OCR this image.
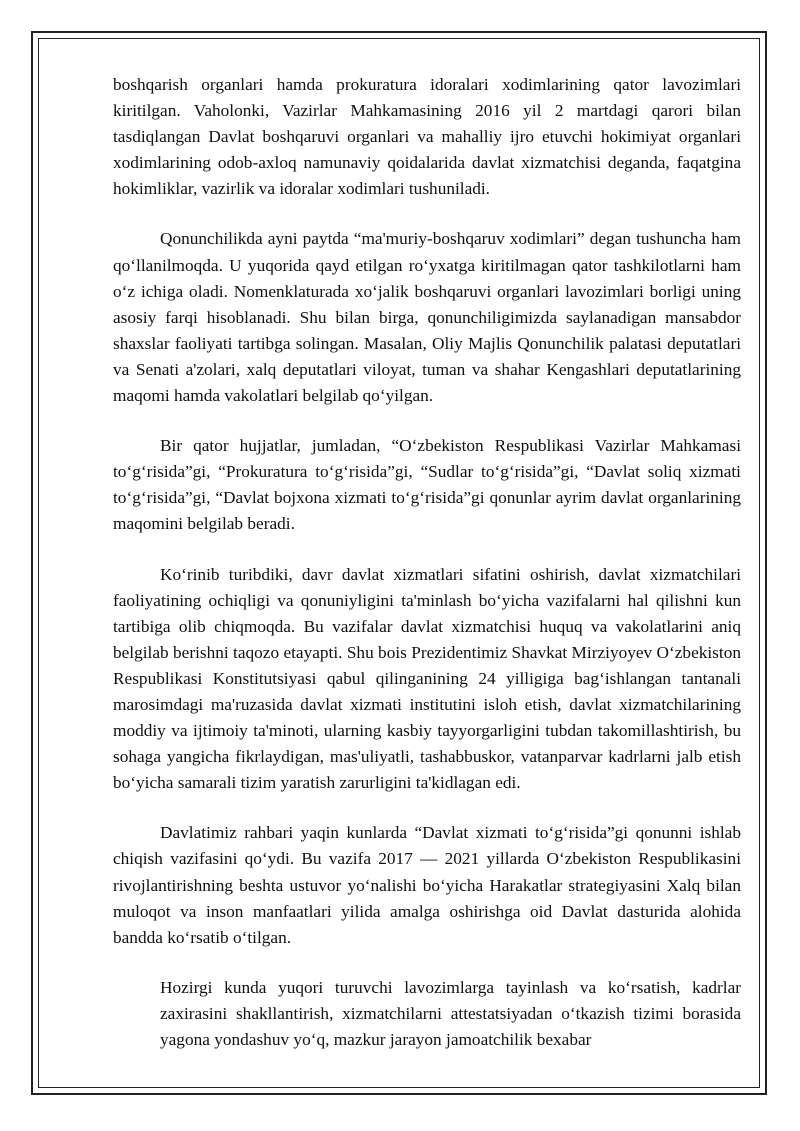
boshqarish organlari hamda prokuratura idoralari xodimlarining qator lavozimlari kiritilgan. Vaholonki, Vazirlar Mahkamasining 2016 yil 2 martdagi qarori bilan tasdiqlangan Davlat boshqaruvi organlari va mahalliy ijro etuvchi hokimiyat organlari xodimlarining odob-axloq namunaviy qoidalarida davlat xizmatchisi deganda, faqatgina hokimliklar, vazirlik va idoralar xodimlari tushuniladi.

Qonunchilikda ayni paytda “ma'muriy-boshqaruv xodimlari” degan tushuncha ham qo‘llanilmoqda. U yuqorida qayd etilgan ro‘yxatga kiritilmagan qator tashkilotlarni ham o‘z ichiga oladi. Nomenklaturada xo‘jalik boshqaruvi organlari lavozimlari borligi uning asosiy farqi hisoblanadi. Shu bilan birga, qonunchiligimizda saylanadigan mansabdor shaxslar faoliyati tartibga solingan. Masalan, Oliy Majlis Qonunchilik palatasi deputatlari va Senati a'zolari, xalq deputatlari viloyat, tuman va shahar Kengashlari deputatlarining maqomi hamda vakolatlari belgilab qo‘yilgan.

Bir qator hujjatlar, jumladan, “O‘zbekiston Respublikasi Vazirlar Mahkamasi to‘g‘risida”gi, “Prokuratura to‘g‘risida”gi, “Sudlar to‘g‘risida”gi, “Davlat soliq xizmati to‘g‘risida”gi, “Davlat bojxona xizmati to‘g‘risida”gi qonunlar ayrim davlat organlarining maqomini belgilab beradi.

Ko‘rinib turibdiki, davr davlat xizmatlari sifatini oshirish, davlat xizmatchilari faoliyatining ochiqligi va qonuniyligini ta'minlash bo‘yicha vazifalarni hal qilishni kun tartibiga olib chiqmoqda. Bu vazifalar davlat xizmatchisi huquq va vakolatlarini aniq belgilab berishni taqozo etayapti. Shu bois Prezidentimiz Shavkat Mirziyoyev O‘zbekiston Respublikasi Konstitutsiyasi qabul qilinganining 24 yilligiga bag‘ishlangan tantanali marosimdagi ma'ruzasida davlat xizmati institutini isloh etish, davlat xizmatchilarining moddiy va ijtimoiy ta'minoti, ularning kasbiy tayyorgarligini tubdan takomillashtirish, bu sohaga yangicha fikrlaydigan, mas'uliyatli, tashabbuskor, vatanparvar kadrlarni jalb etish bo‘yicha samarali tizim yaratish zarurligini ta'kidlagan edi.

Davlatimiz rahbari yaqin kunlarda “Davlat xizmati to‘g‘risida”gi qonunni ishlab chiqish vazifasini qo‘ydi. Bu vazifa 2017 — 2021 yillarda O‘zbekiston Respublikasini rivojlantirishning beshta ustuvor yo‘nalishi bo‘yicha Harakatlar strategiyasini Xalq bilan muloqot va inson manfaatlari yilida amalga oshirishga oid Davlat dasturida alohida bandda ko‘rsatib o‘tilgan.

Hozirgi kunda yuqori turuvchi lavozimlarga tayinlash va ko‘rsatish, kadrlar zaxirasini shakllantirish, xizmatchilarni attestatsiyadan o‘tkazish tizimi borasida yagona yondashuv yo‘q, mazkur jarayon jamoatchilik bexabar
